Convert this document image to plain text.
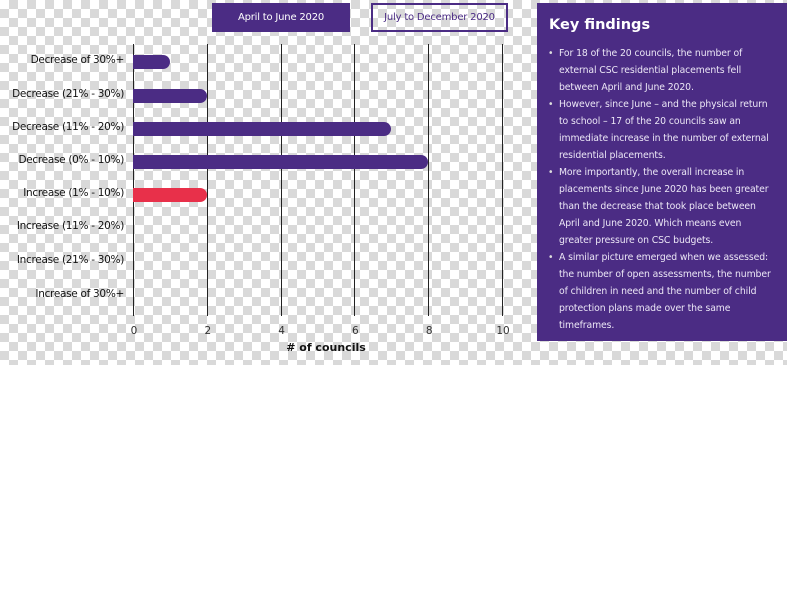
April to June 2020	July to December 2020
Decrease of 30%+
Decrease (21% - 30%)
Decrease (11% - 20%)
Decrease (0% - 10%)
Increase (1% - 10%)
Increase (11% - 20%)
Increase (21% - 30%)
Increase of 30%+
0	2	4	6	8	10
# of councils
Key findings
• For 18 of the 20 councils, the number of external CSC residential placements fell between April and June 2020.
• However, since June – and the physical return to school – 17 of the 20 councils saw an immediate increase in the number of external residential placements.
• More importantly, the overall increase in placements since June 2020 has been greater than the decrease that took place between April and June 2020. Which means even greater pressure on CSC budgets.
• A similar picture emerged when we assessed: the number of open assessments, the number of children in need and the number of child protection plans made over the same timeframes.
